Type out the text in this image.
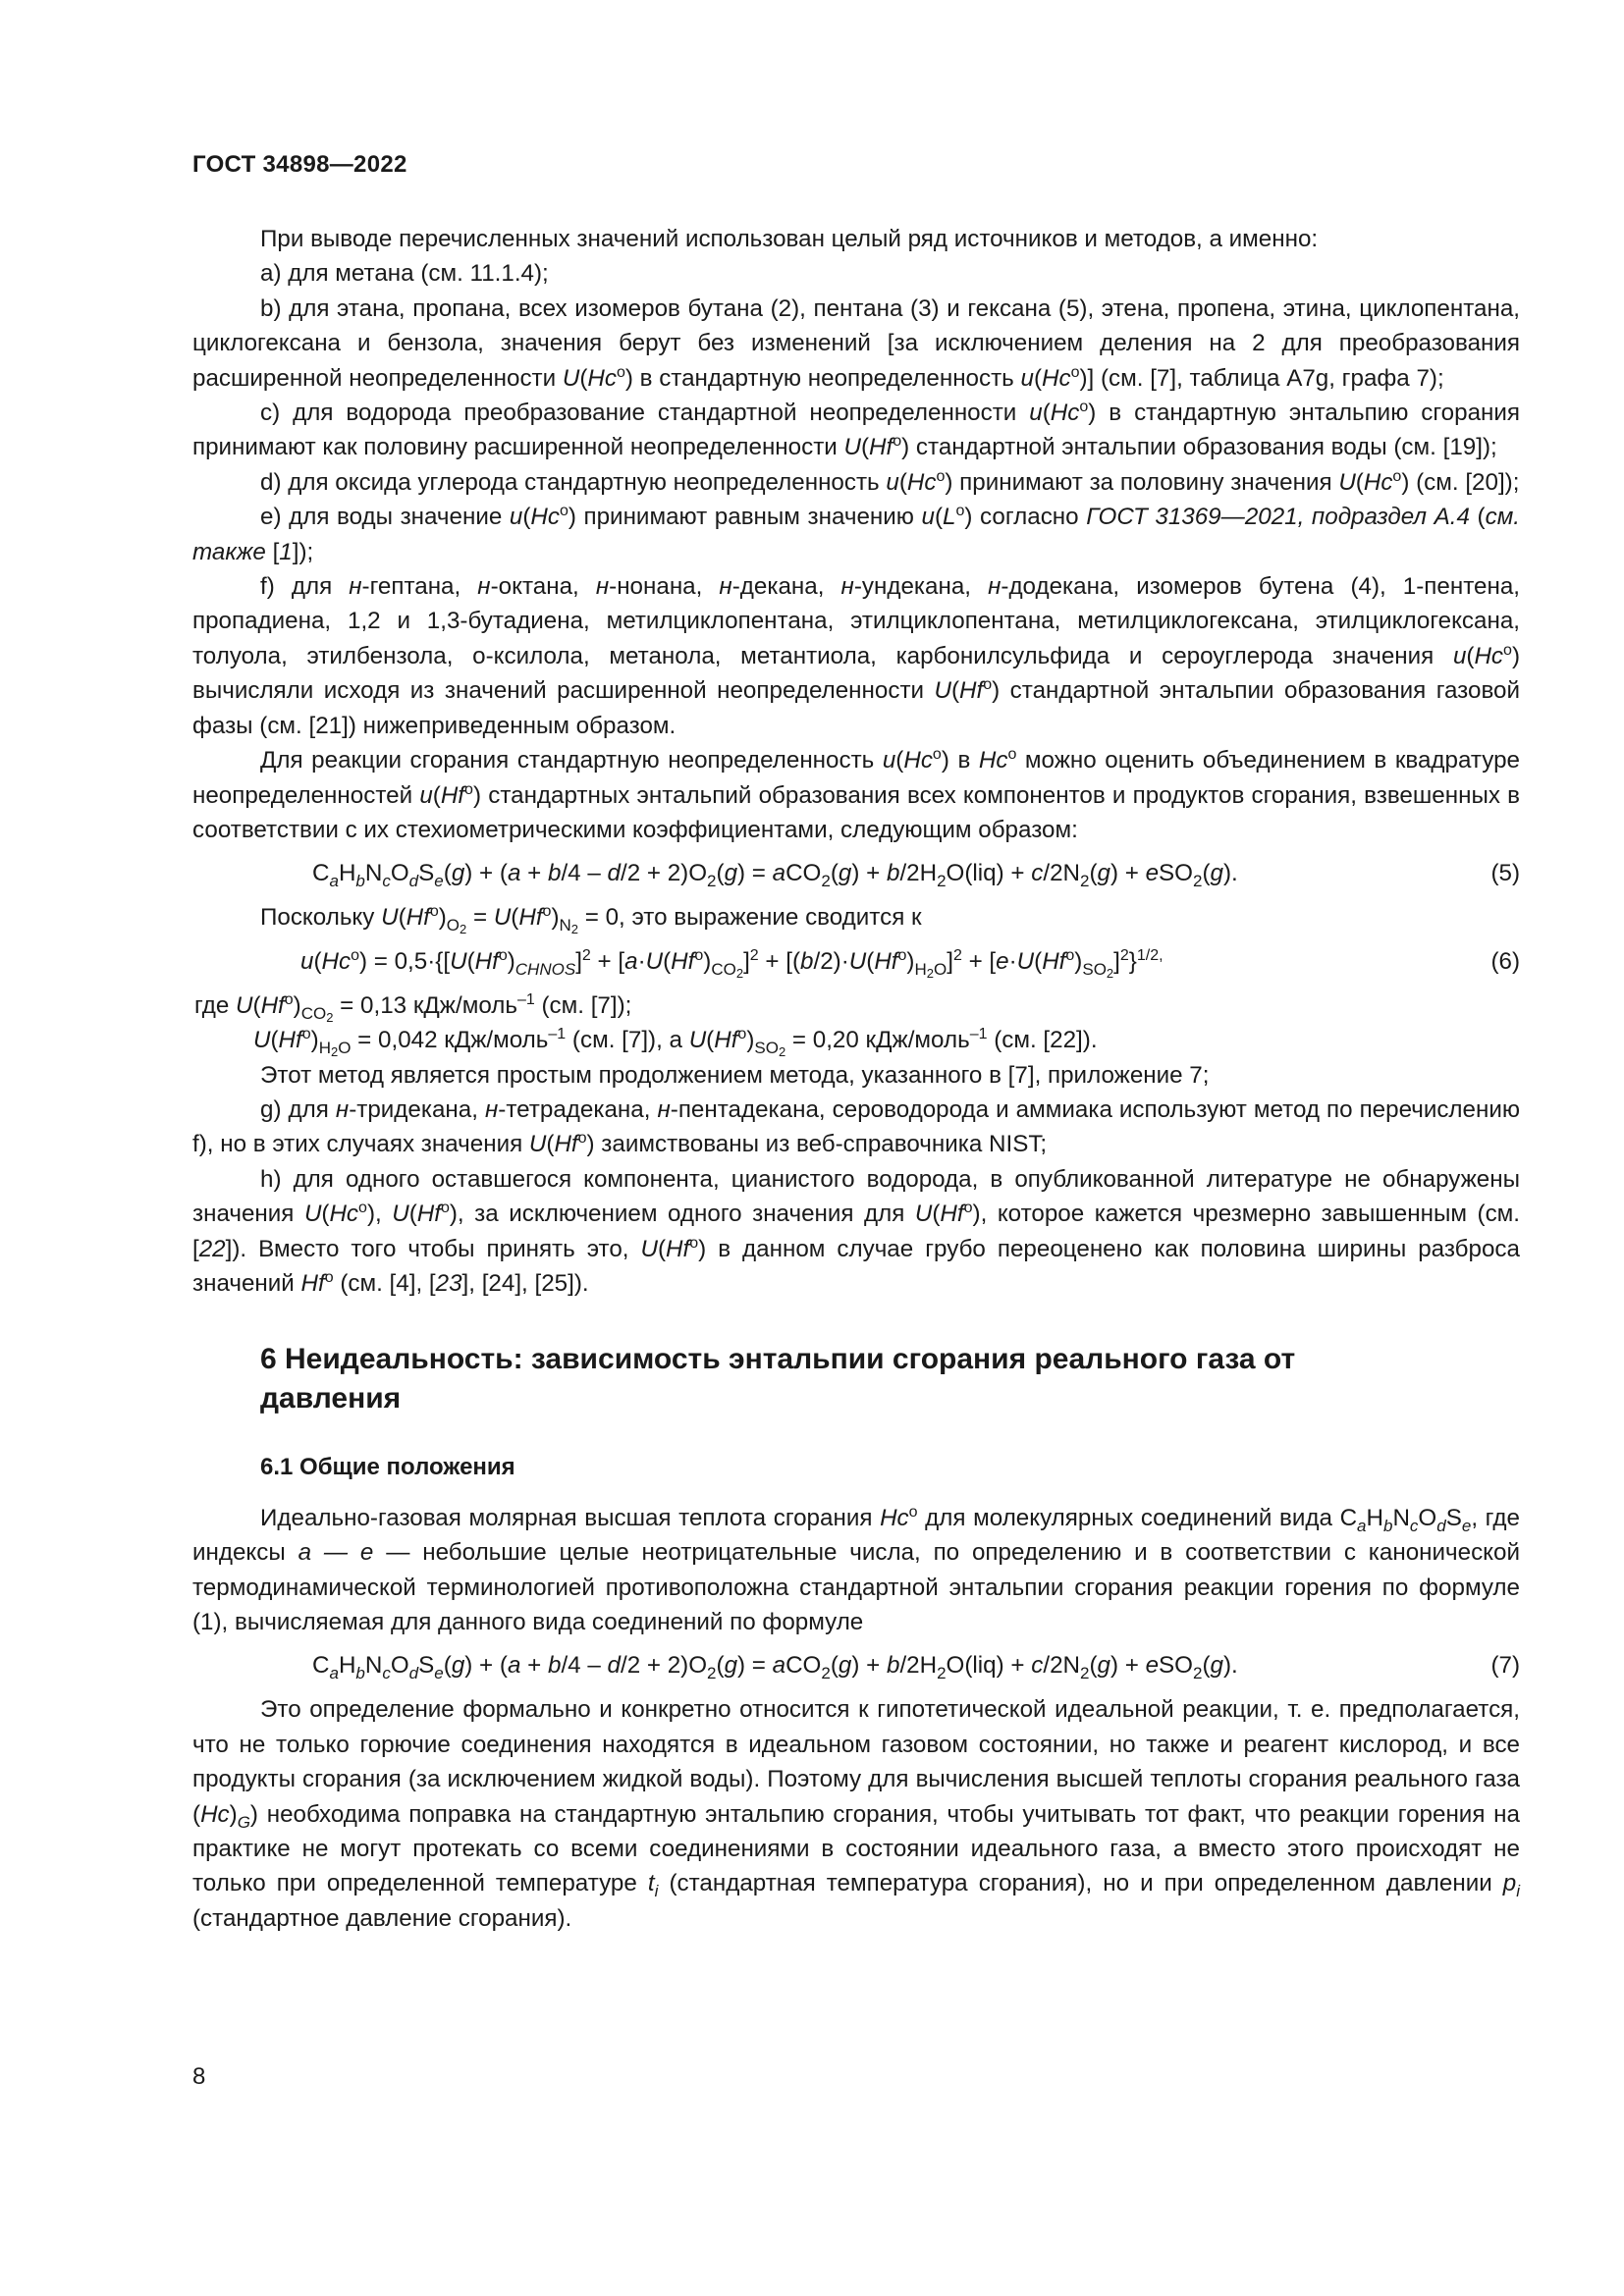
ГОСТ 34898—2022

При выводе перечисленных значений использован целый ряд источников и методов, а именно:

a) для метана (см. 11.1.4);

b) для этана, пропана, всех изомеров бутана (2), пентана (3) и гексана (5), этена, пропена, этина, циклопентана, циклогексана и бензола, значения берут без изменений [за исключением деления на 2 для преобразования расширенной неопределенности U(Hc$^o$) в стандартную неопределенность u(Hc$^o$)] (см. [7], таблица A7g, графа 7);

c) для водорода преобразование стандартной неопределенности u(Hc$^o$) в стандартную энтальпию сгорания принимают как половину расширенной неопределенности U(Hf$^o$) стандартной энтальпии образования воды (см. [19]);

d) для оксида углерода стандартную неопределенность u(Hc$^o$) принимают за половину значения U(Hc$^o$) (см. [20]);

e) для воды значение u(Hc$^o$) принимают равным значению $u(L^o)$ согласно ГОСТ 31369—2021, подраздел А.4 (см. также [1]);

f) для н-гептана, н-октана, н-нонана, н-декана, н-ундекана, н-додекана, изомеров бутена (4), 1-пентена, пропадиена, 1,2 и 1,3-бутадиена, метилциклопентана, этилциклопентана, метилциклогексана, этилциклогексана, толуола, этилбензола, о-ксилола, метанола, метантиола, карбонилсульфида и сероуглерода значения u(Hc$^o$) вычисляли исходя из значений расширенной неопределенности U(Hf$^o$) стандартной энтальпии образования газовой фазы (см. [21]) нижеприведенным образом.

Для реакции сгорания стандартную неопределенность u(Hc$^o$) в Hc$^o$ можно оценить объединением в квадратуре неопределенностей u(Hf$^o$) стандартных энтальпий образования всех компонентов и продуктов сгорания, взвешенных в соответствии с их стехиометрическими коэффициентами, следующим образом:

$C_aH_bN_cO_dS_e(g) + (a + b/4 - d/2 + 2)O_2(g) = aCO_2(g) + b/2H_2O(liq) + c/2N_2(g) + eSO_2(g)$.	(5)

Поскольку $U(Hf^o)_{O_2} = U(Hf^o)_{N_2} = 0$, это выражение сводится к

$u(Hc^o) = 0,5\cdot\{[U(Hf^o)_{CHNOS}]^2 + [a\cdot U(Hf^o)_{CO_2}]^2 + [(b/2)\cdot U(Hf^o)_{H_2O}]^2 + [e\cdot U(Hf^o)_{SO_2}]^2\}^{1/2,}$	(6)

где $U(Hf^o)_{CO_2} = 0,13$ кДж/моль$^{-1}$ (см. [7]);

$U(Hf^o)_{H_2O} = 0,042$ кДж/моль$^{-1}$ (см. [7]), а $U(Hf^o)_{SO_2} = 0,20$ кДж/моль$^{-1}$ (см. [22]).

Этот метод является простым продолжением метода, указанного в [7], приложение 7;

g) для н-тридекана, н-тетрадекана, н-пентадекана, сероводорода и аммиака используют метод по перечислению f), но в этих случаях значения U(Hf$^o$) заимствованы из веб-справочника NIST;

h) для одного оставшегося компонента, цианистого водорода, в опубликованной литературе не обнаружены значения U(Hc$^o$), U(Hf$^o$), за исключением одного значения для U(Hf$^o$), которое кажется чрезмерно завышенным (см. [22]). Вместо того чтобы принять это, U(Hf$^o$) в данном случае грубо переоценено как половина ширины разброса значений Hf$^o$ (см. [4], [23], [24], [25]).

6 Неидеальность: зависимость энтальпии сгорания реального газа от давления
6.1 Общие положения

Идеально-газовая молярная высшая теплота сгорания Hc$^o$ для молекулярных соединений вида $C_aH_bN_cO_dS_e$, где индексы a — e — небольшие целые неотрицательные числа, по определению и в соответствии с канонической термодинамической терминологией противоположна стандартной энтальпии сгорания реакции горения по формуле (1), вычисляемая для данного вида соединений по формуле

$C_aH_bN_cO_dS_e(g) + (a + b/4 - d/2 + 2)O_2(g) = aCO_2(g) + b/2H_2O(liq) + c/2N_2(g) + eSO_2(g)$.	(7)

Это определение формально и конкретно относится к гипотетической идеальной реакции, т. е. предполагается, что не только горючие соединения находятся в идеальном газовом состоянии, но также и реагент кислород, и все продукты сгорания (за исключением жидкой воды). Поэтому для вычисления высшей теплоты сгорания реального газа $(Hc)_G$) необходима поправка на стандартную энтальпию сгорания, чтобы учитывать тот факт, что реакции горения на практике не могут протекать со всеми соединениями в состоянии идеального газа, а вместо этого происходят не только при определенной температуре $t_i$ (стандартная температура сгорания), но и при определенном давлении $p_i$ (стандартное давление сгорания).

8
